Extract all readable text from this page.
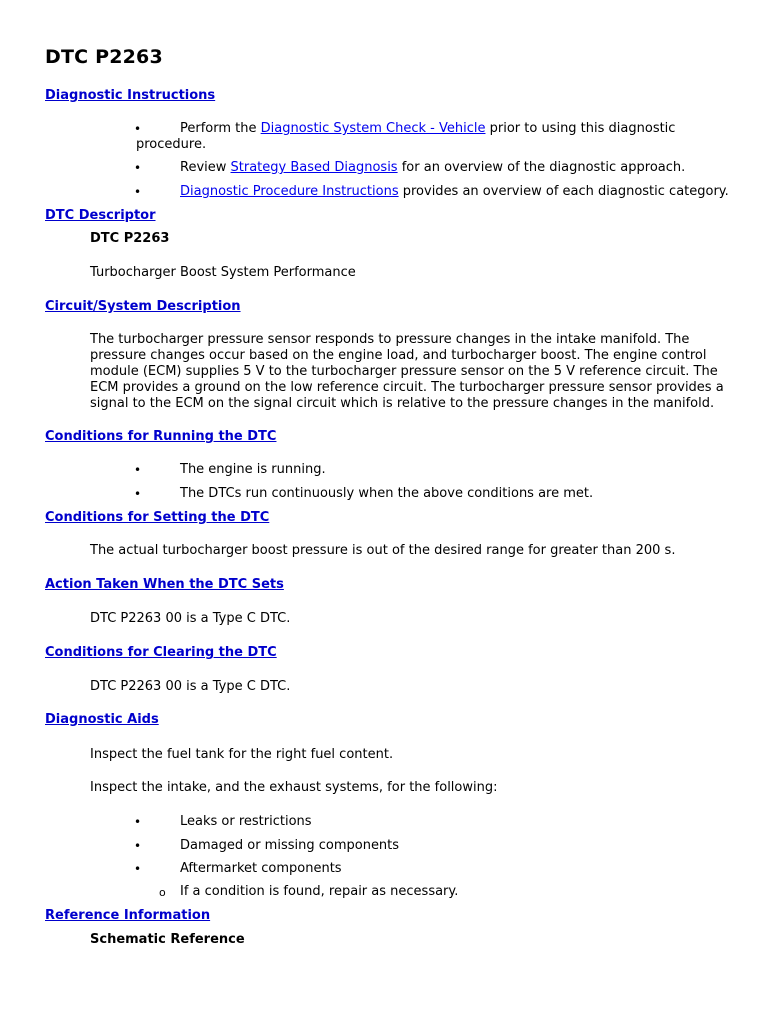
DTC P2263
Diagnostic Instructions
•	Perform the Diagnostic System Check - Vehicle prior to using this diagnostic
procedure.
•	Review Strategy Based Diagnosis for an overview of the diagnostic approach.
•	Diagnostic Procedure Instructions provides an overview of each diagnostic category.
DTC Descriptor
DTC P2263
Turbocharger Boost System Performance
Circuit/System Description
The turbocharger pressure sensor responds to pressure changes in the intake manifold. The
pressure changes occur based on the engine load, and turbocharger boost. The engine control
module (ECM) supplies 5 V to the turbocharger pressure sensor on the 5 V reference circuit. The
ECM provides a ground on the low reference circuit. The turbocharger pressure sensor provides a
signal to the ECM on the signal circuit which is relative to the pressure changes in the manifold.
Conditions for Running the DTC
•	The engine is running.
•	The DTCs run continuously when the above conditions are met.
Conditions for Setting the DTC
The actual turbocharger boost pressure is out of the desired range for greater than 200 s.
Action Taken When the DTC Sets
DTC P2263 00 is a Type C DTC.
Conditions for Clearing the DTC
DTC P2263 00 is a Type C DTC.
Diagnostic Aids
Inspect the fuel tank for the right fuel content.
Inspect the intake, and the exhaust systems, for the following:
•	Leaks or restrictions
•	Damaged or missing components
•	Aftermarket components
o If a condition is found, repair as necessary.
Reference Information
Schematic Reference
